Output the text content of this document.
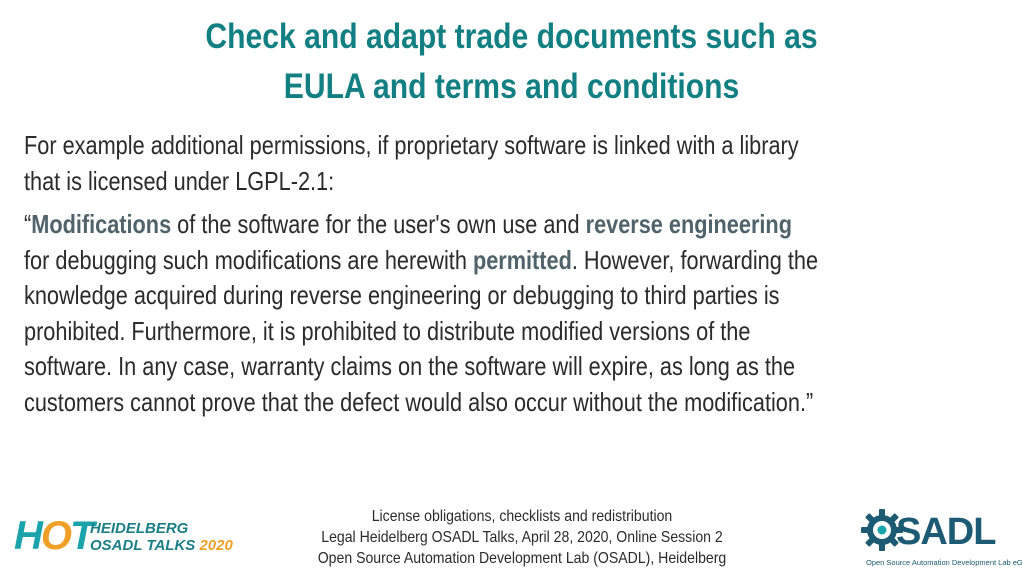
Check and adapt trade documents such as
EULA and terms and conditions
For example additional permissions, if proprietary software is linked with a library
that is licensed under LGPL-2.1:
“Modifications of the software for the user's own use and reverse engineering
for debugging such modifications are herewith permitted. However, forwarding the
knowledge acquired during reverse engineering or debugging to third parties is
prohibited. Furthermore, it is prohibited to distribute modified versions of the
software. In any case, warranty claims on the software will expire, as long as the
customers cannot prove that the defect would also occur without the modification.”
HOT
HEIDELBERG
OSADL TALKS 2020
License obligations, checklists and redistribution
Legal Heidelberg OSADL Talks, April 28, 2020, Online Session 2
Open Source Automation Development Lab (OSADL), Heidelberg
SADL
Open Source Automation Development Lab eG
